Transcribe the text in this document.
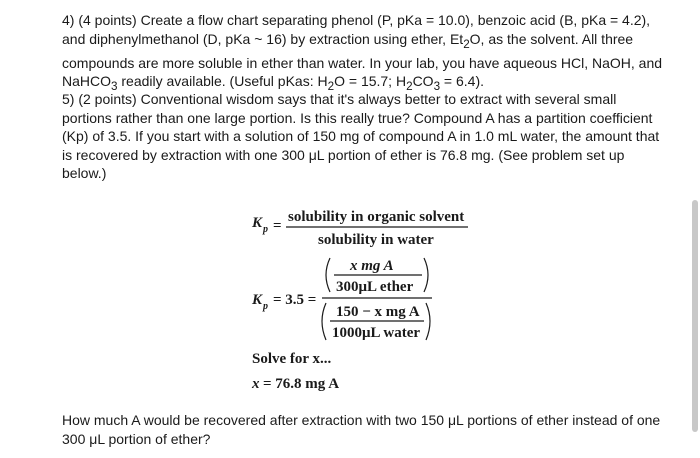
4) (4 points) Create a flow chart separating phenol (P, pKa = 10.0), benzoic acid (B, pKa = 4.2), and diphenylmethanol (D, pKa ~ 16) by extraction using ether, $Et_2O$, as the solvent. All three compounds are more soluble in ether than water. In your lab, you have aqueous HCl, NaOH, and NaHCO$_3$ readily available. (Useful pKas: $H_2O = 15.7$; $H_2CO_3 = 6.4$).

5) (2 points) Conventional wisdom says that it's always better to extract with several small portions rather than one large portion. Is this really true? Compound A has a partition coefficient (Kp) of 3.5. If you start with a solution of 150 mg of compound A in 1.0 mL water, the amount that is recovered by extraction with one 300 μL portion of ether is 76.8 mg. (See problem set up below.)

K p =
solubility in organic solvent
solubility in water
K p = 3.5 =
x mg A
300μL ether
150 − x mg A
1000μL water
Solve for x...
x = 76.8 mg A

How much A would be recovered after extraction with two 150 μL portions of ether instead of one 300 μL portion of ether?
